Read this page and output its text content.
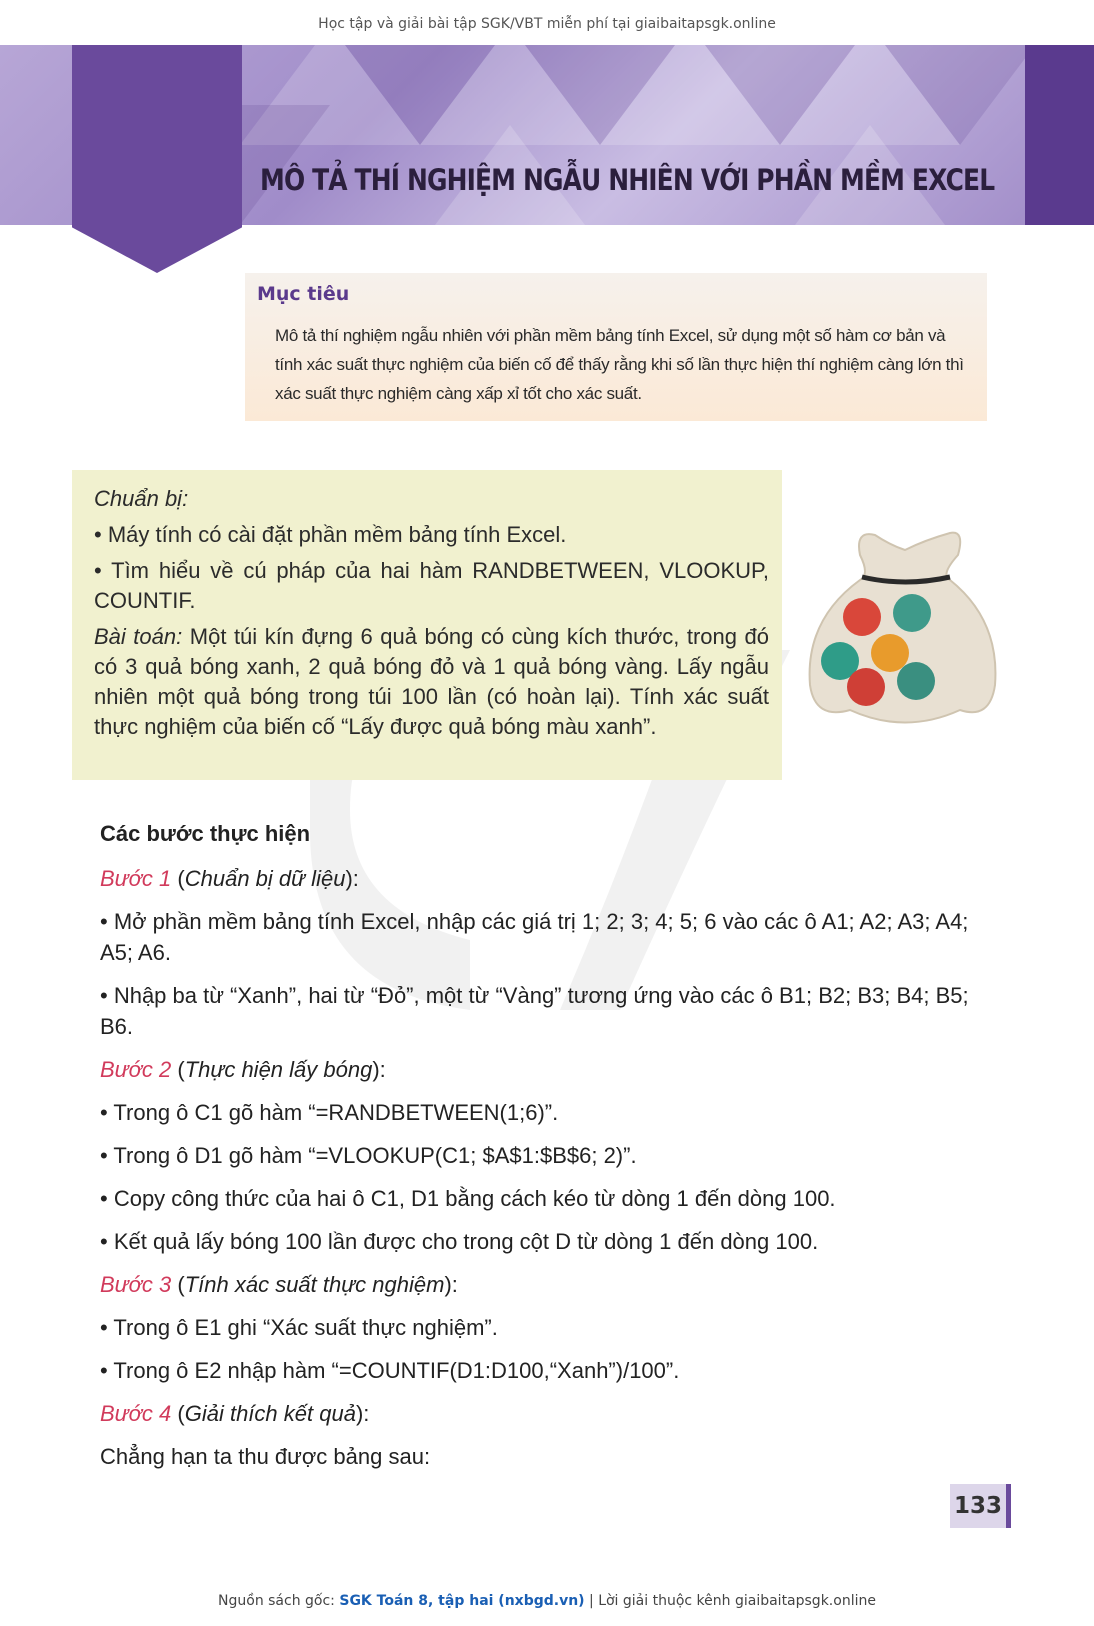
Học tập và giải bài tập SGK/VBT miễn phí tại giaibaitapsgk.online
MÔ TẢ THÍ NGHIỆM NGẪU NHIÊN VỚI PHẦN MỀM EXCEL
Mục tiêu
Mô tả thí nghiệm ngẫu nhiên với phần mềm bảng tính Excel, sử dụng một số hàm cơ bản và tính xác suất thực nghiệm của biến cố để thấy rằng khi số lần thực hiện thí nghiệm càng lớn thì xác suất thực nghiệm càng xấp xỉ tốt cho xác suất.

Chuẩn bị:

• Máy tính có cài đặt phần mềm bảng tính Excel.

• Tìm hiểu về cú pháp của hai hàm RANDBETWEEN, VLOOKUP, COUNTIF.

Bài toán: Một túi kín đựng 6 quả bóng có cùng kích thước, trong đó có 3 quả bóng xanh, 2 quả bóng đỏ và 1 quả bóng vàng. Lấy ngẫu nhiên một quả bóng trong túi 100 lần (có hoàn lại). Tính xác suất thực nghiệm của biến cố “Lấy được quả bóng màu xanh”.

Các bước thực hiện

Bước 1 (Chuẩn bị dữ liệu):

• Mở phần mềm bảng tính Excel, nhập các giá trị 1; 2; 3; 4; 5; 6 vào các ô A1; A2; A3; A4; A5; A6.

• Nhập ba từ “Xanh”, hai từ “Đỏ”, một từ “Vàng” tương ứng vào các ô B1; B2; B3; B4; B5; B6.

Bước 2 (Thực hiện lấy bóng):

• Trong ô C1 gõ hàm “=RANDBETWEEN(1;6)”.

• Trong ô D1 gõ hàm “=VLOOKUP(C1; $A$1:$B$6; 2)”.

• Copy công thức của hai ô C1, D1 bằng cách kéo từ dòng 1 đến dòng 100.

• Kết quả lấy bóng 100 lần được cho trong cột D từ dòng 1 đến dòng 100.

Bước 3 (Tính xác suất thực nghiệm):

• Trong ô E1 ghi “Xác suất thực nghiệm”.

• Trong ô E2 nhập hàm “=COUNTIF(D1:D100,“Xanh”)/100”.

Bước 4 (Giải thích kết quả):

Chẳng hạn ta thu được bảng sau:

133
Nguồn sách gốc: SGK Toán 8, tập hai (nxbgd.vn) | Lời giải thuộc kênh giaibaitapsgk.online
